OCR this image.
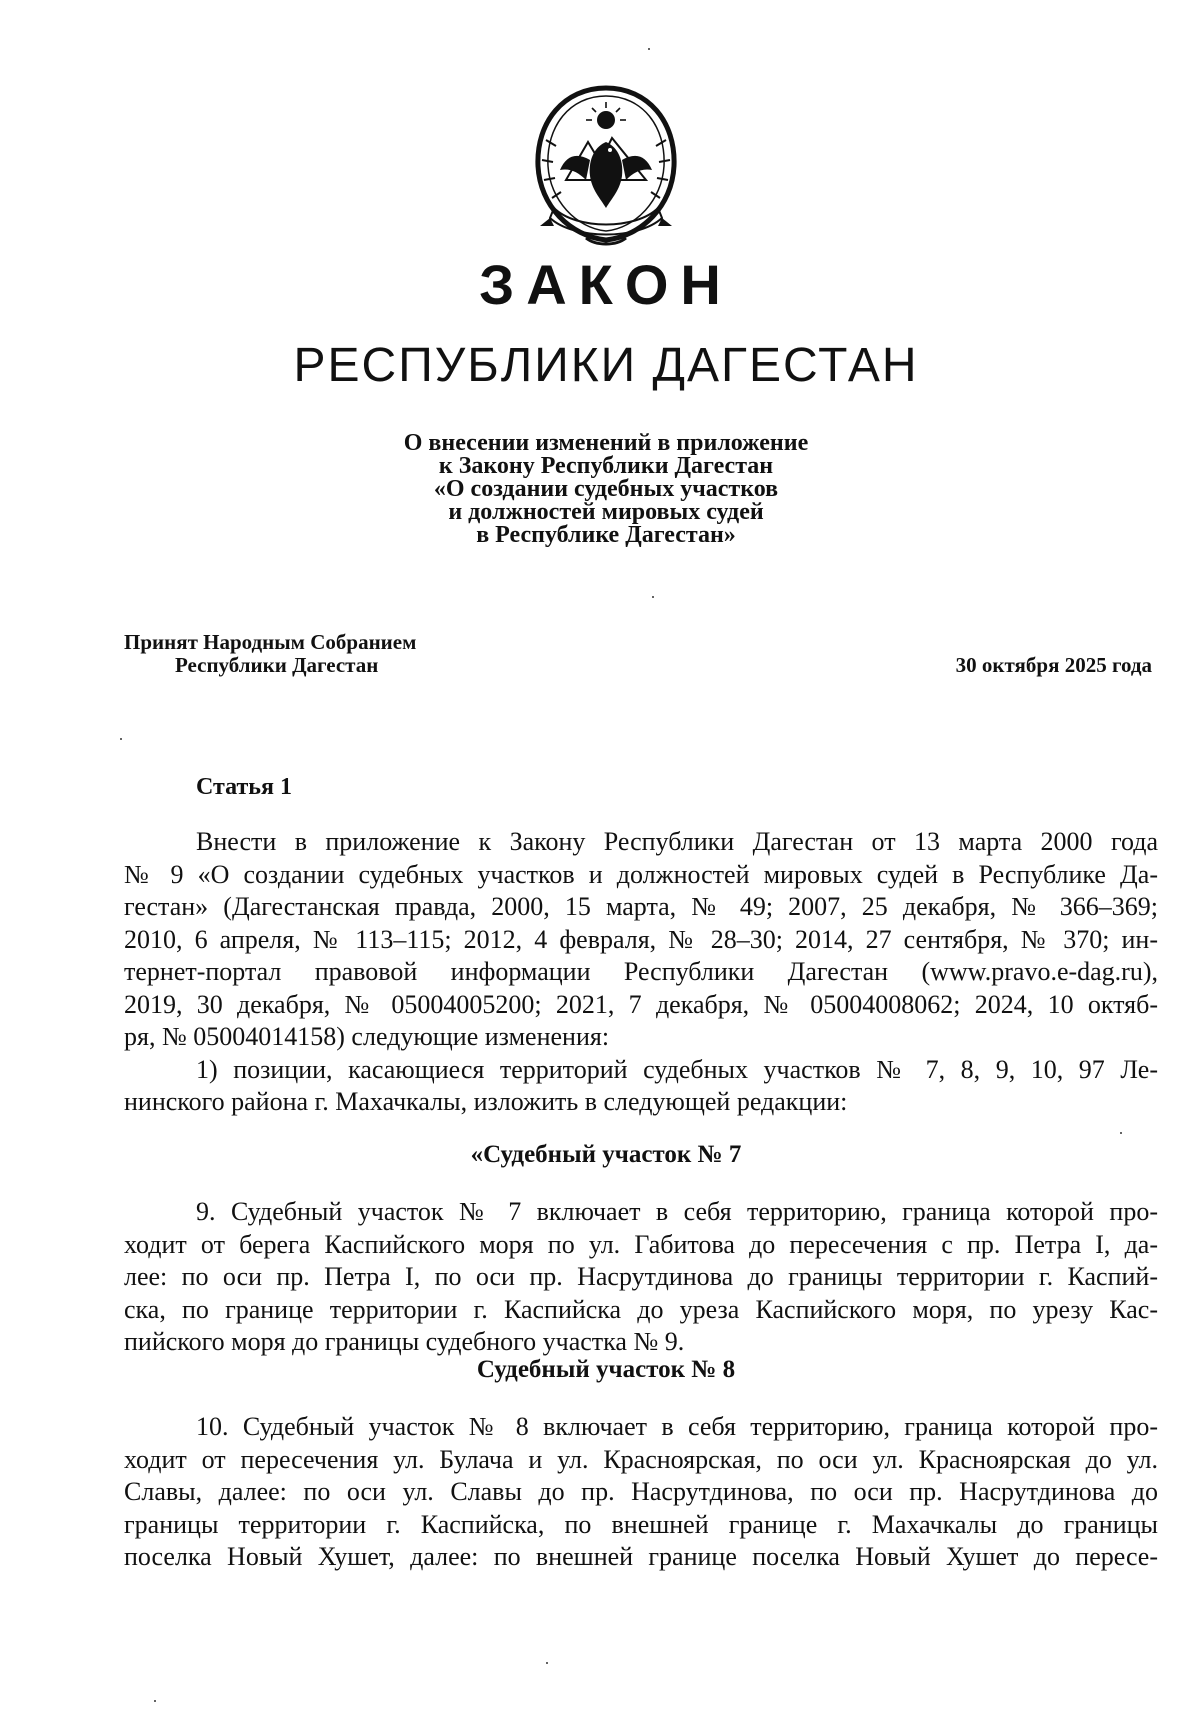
ЗАКОН
РЕСПУБЛИКИ ДАГЕСТАН
О внесении изменений в приложение
к Закону Республики Дагестан
«О создании судебных участков
и должностей мировых судей
в Республике Дагестан»
Принят Народным Собранием
Республики Дагестан	30 октября 2025 года
Статья 1
Внести в приложение к Закону Республики Дагестан от 13 марта 2000 года
№ 9 «О создании судебных участков и должностей мировых судей в Республике Да-
гестан» (Дагестанская правда, 2000, 15 марта, № 49; 2007, 25 декабря, № 366–369;
2010, 6 апреля, № 113–115; 2012, 4 февраля, № 28–30; 2014, 27 сентября, № 370; ин-
тернет-портал правовой информации Республики Дагестан (www.pravo.e-dag.ru),
2019, 30 декабря, № 05004005200; 2021, 7 декабря, № 05004008062; 2024, 10 октяб-
ря, № 05004014158) следующие изменения:
1) позиции, касающиеся территорий судебных участков № 7, 8, 9, 10, 97 Ле-
нинского района г. Махачкалы, изложить в следующей редакции:
«Судебный участок № 7
9. Судебный участок № 7 включает в себя территорию, граница которой про-
ходит от берега Каспийского моря по ул. Габитова до пересечения с пр. Петра I, да-
лее: по оси пр. Петра I, по оси пр. Насрутдинова до границы территории г. Каспий-
ска, по границе территории г. Каспийска до уреза Каспийского моря, по урезу Кас-
пийского моря до границы судебного участка № 9.
Судебный участок № 8
10. Судебный участок № 8 включает в себя территорию, граница которой про-
ходит от пересечения ул. Булача и ул. Красноярская, по оси ул. Красноярская до ул.
Славы, далее: по оси ул. Славы до пр. Насрутдинова, по оси пр. Насрутдинова до
границы территории г. Каспийска, по внешней границе г. Махачкалы до границы
поселка Новый Хушет, далее: по внешней границе поселка Новый Хушет до пересе-
